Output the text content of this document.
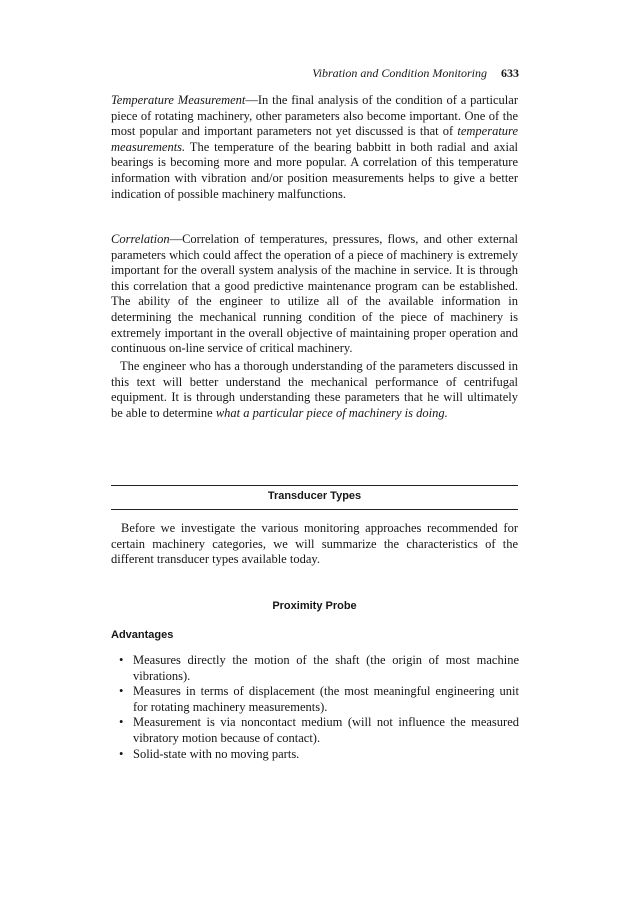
Vibration and Condition Monitoring 633

Temperature Measurement—In the final analysis of the condition of a particular piece of rotating machinery, other parameters also become important. One of the most popular and important parameters not yet discussed is that of temperature measurements. The temperature of the bearing babbitt in both radial and axial bearings is becoming more and more popular. A correlation of this temperature information with vibration and/or position measurements helps to give a better indication of possible machinery malfunctions.

Correlation—Correlation of temperatures, pressures, flows, and other external parameters which could affect the operation of a piece of machinery is extremely important for the overall system analysis of the machine in service. It is through this correlation that a good predictive maintenance program can be established. The ability of the engineer to utilize all of the available information in determining the mechanical running condition of the piece of machinery is extremely important in the overall objective of maintaining proper operation and continuous on-line service of critical machinery.

The engineer who has a thorough understanding of the parameters discussed in this text will better understand the mechanical performance of centrifugal equipment. It is through understanding these parameters that he will ultimately be able to determine what a particular piece of machinery is doing.

Transducer Types

Before we investigate the various monitoring approaches recommended for certain machinery categories, we will summarize the characteristics of the different transducer types available today.

Proximity Probe
Advantages
• Measures directly the motion of the shaft (the origin of most machine vibrations).
• Measures in terms of displacement (the most meaningful engineering unit for rotating machinery measurements).
• Measurement is via noncontact medium (will not influence the measured vibratory motion because of contact).
• Solid-state with no moving parts.
